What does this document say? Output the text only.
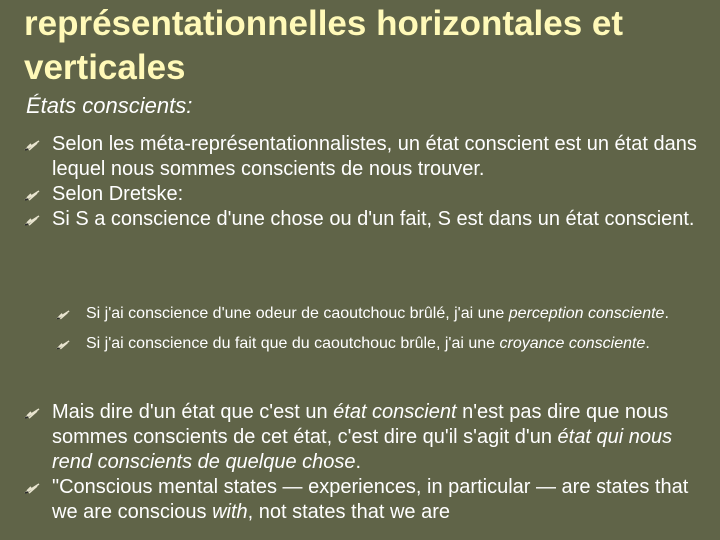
représentationnelles horizontales et verticales
États conscients:
Selon les méta-représentationnalistes, un état conscient est un état dans lequel nous sommes conscients de nous trouver.
Selon Dretske:
Si S a conscience d'une chose ou d'un fait, S est dans un état conscient.
Si j'ai conscience d'une odeur de caoutchouc brûlé, j'ai une perception consciente.
Si j'ai conscience du fait que du caoutchouc brûle, j'ai une croyance consciente.
Mais dire d'un état que c'est un état conscient n'est pas dire que nous sommes conscients de cet état, c'est dire qu'il s'agit d'un état qui nous rend conscients de quelque chose.
"Conscious mental states — experiences, in particular — are states that we are conscious with, not states that we are
